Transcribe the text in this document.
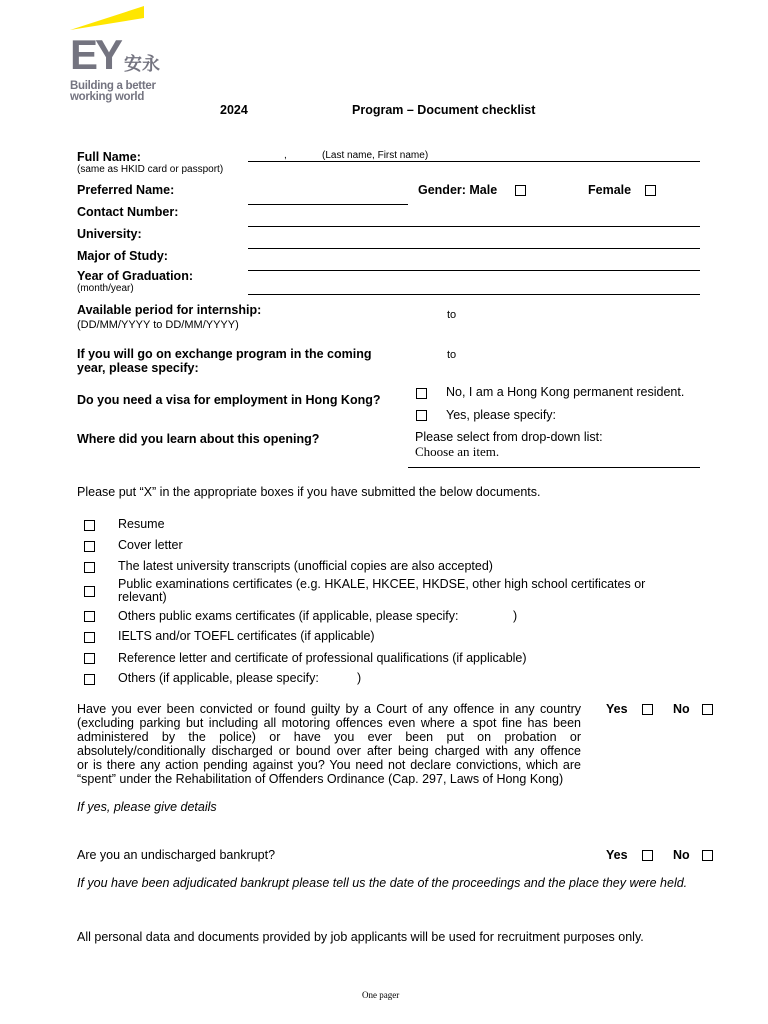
EY 安永
Building a better
working world
2024	Program – Document checklist
Full Name:
(same as HKID card or passport)
,	(Last name, First name)
Preferred Name:	Gender: Male	Female
Contact Number:
University:
Major of Study:
Year of Graduation:
(month/year)
Available period for internship:
(DD/MM/YYYY to DD/MM/YYYY)
to
If you will go on exchange program in the coming
year, please specify:
to
Do you need a visa for employment in Hong Kong?
No, I am a Hong Kong permanent resident.
Yes, please specify:
Where did you learn about this opening?	Please select from drop-down list:
Choose an item.
Please put “X” in the appropriate boxes if you have submitted the below documents.
Resume
Cover letter
The latest university transcripts (unofficial copies are also accepted)
Public examinations certificates (e.g. HKALE, HKCEE, HKDSE, other high school certificates or
relevant)
Others public exams certificates (if applicable, please specify:	)
IELTS and/or TOEFL certificates (if applicable)
Reference letter and certificate of professional qualifications (if applicable)
Others (if applicable, please specify:	)
Have you ever been convicted or found guilty by a Court of any offence in any country
(excluding parking but including all motoring offences even where a spot fine has been
administered by the police) or have you ever been put on probation or
absolutely/conditionally discharged or bound over after being charged with any offence
or is there any action pending against you? You need not declare convictions, which are
“spent” under the Rehabilitation of Offenders Ordinance (Cap. 297, Laws of Hong Kong)
Yes	No
If yes, please give details
Are you an undischarged bankrupt?	Yes	No
If you have been adjudicated bankrupt please tell us the date of the proceedings and the place they were held.
All personal data and documents provided by job applicants will be used for recruitment purposes only.
One pager
